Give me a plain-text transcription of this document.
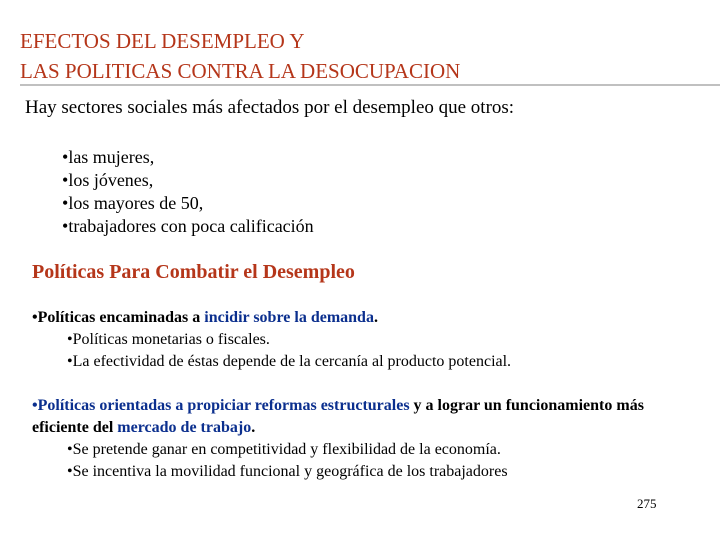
EFECTOS DEL DESEMPLEO Y
LAS POLITICAS CONTRA LA DESOCUPACION

Hay sectores sociales más afectados por el desempleo que otros:

• las mujeres,
• los jóvenes,
• los mayores de 50,
• trabajadores con poca calificación
Políticas Para Combatir el Desempleo
•Políticas encaminadas a incidir sobre la demanda.
• Políticas monetarias o fiscales.
• La efectividad de éstas depende de la cercanía al producto potencial.
•Políticas orientadas a propiciar reformas estructurales y a lograr un funcionamiento más
eficiente del mercado de trabajo.
• Se pretende ganar en competitividad y flexibilidad de la economía.
• Se incentiva la movilidad funcional y geográfica de los trabajadores
275
